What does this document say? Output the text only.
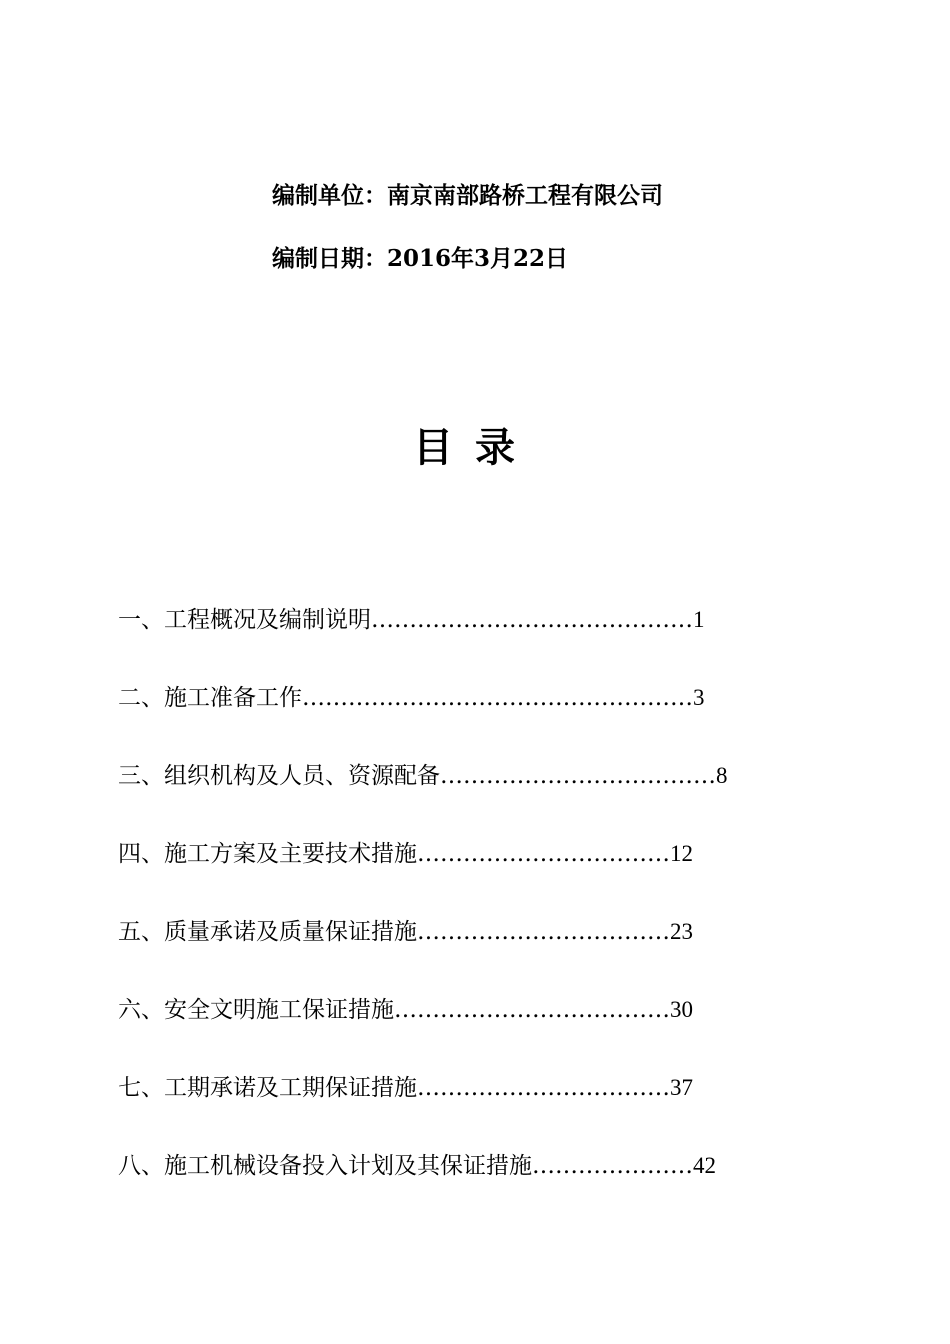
编制单位：南京南部路桥工程有限公司
编制日期：2016年3月22日
目录
一、工程概况及编制说明……………………………………1
二、施工准备工作……………………………………………3
三、组织机构及人员、资源配备………………………………8
四、施工方案及主要技术措施……………………………12
五、质量承诺及质量保证措施……………………………23
六、安全文明施工保证措施………………………………30
七、工期承诺及工期保证措施……………………………37
八、施工机械设备投入计划及其保证措施…………………42
